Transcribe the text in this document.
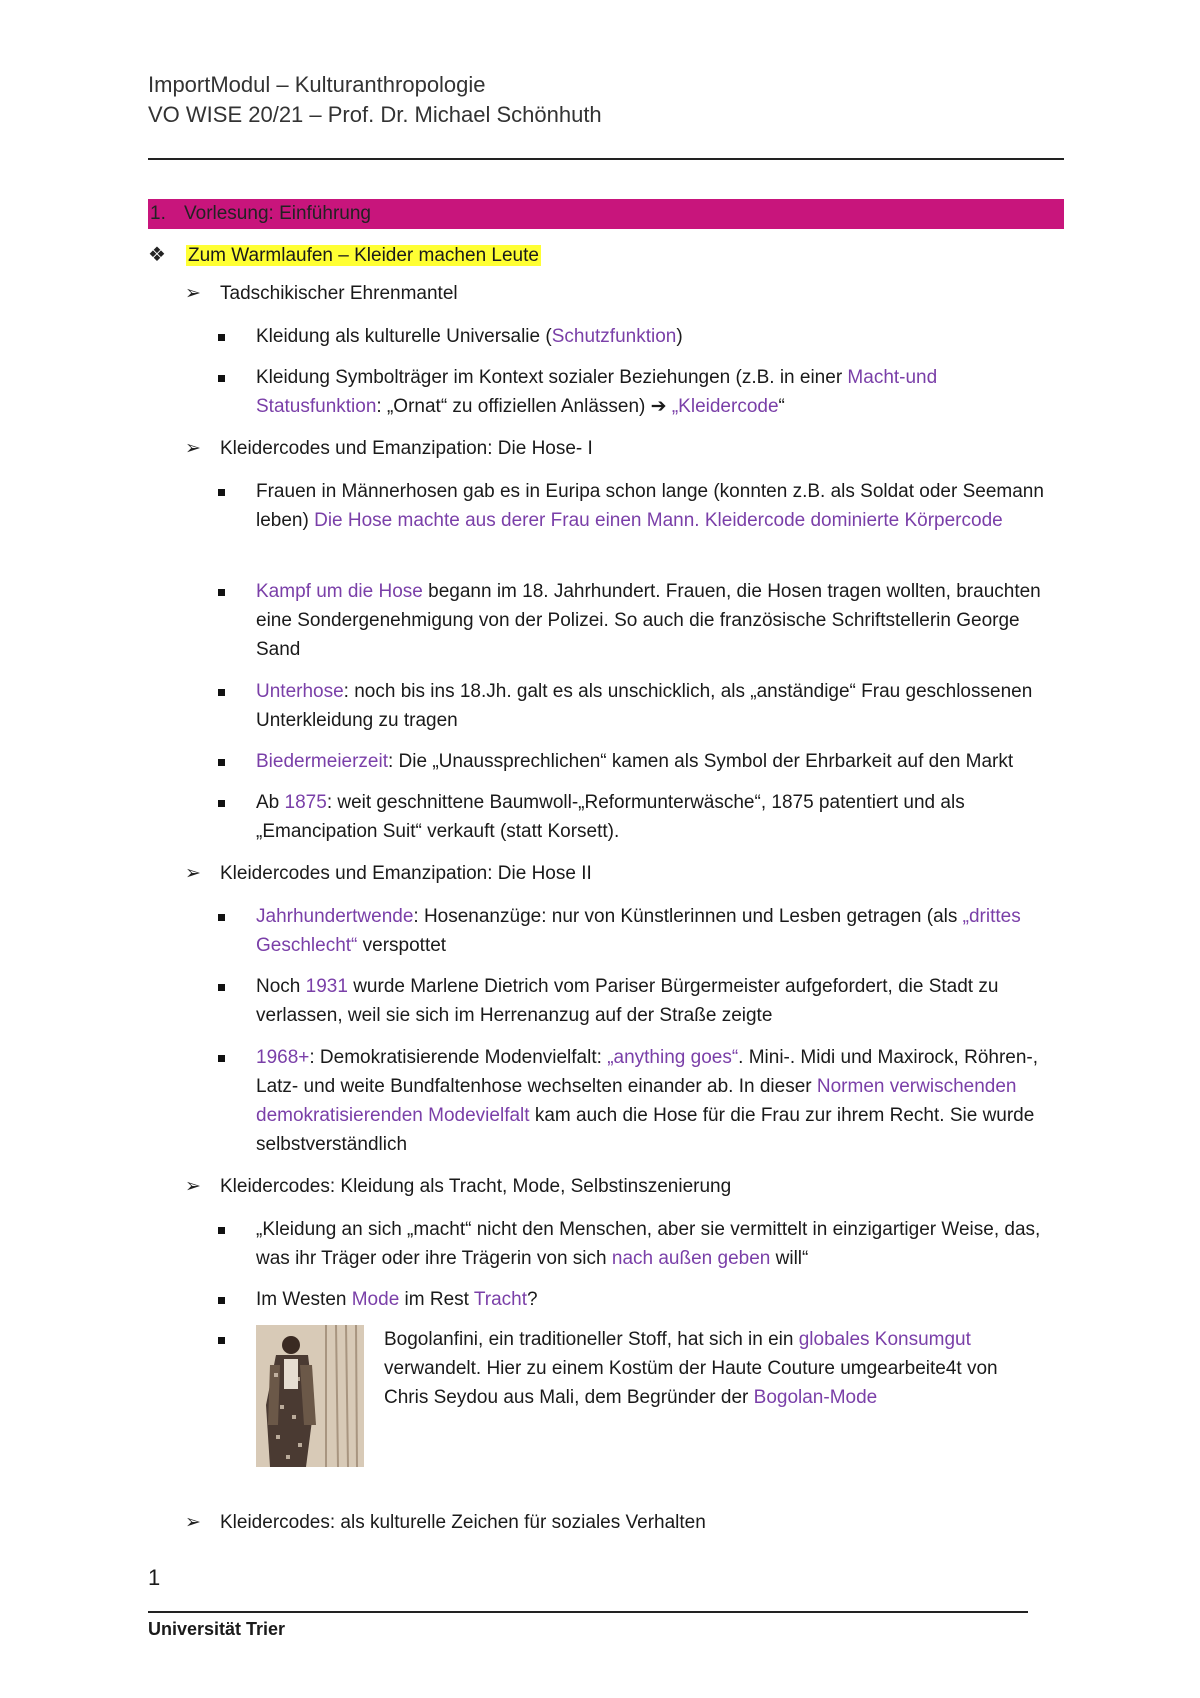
ImportModul – Kulturanthropologie
VO WISE 20/21 – Prof. Dr. Michael Schönhuth
1. Vorlesung: Einführung
❖ Zum Warmlaufen – Kleider machen Leute
➢ Tadschikischer Ehrenmantel
Kleidung als kulturelle Universalie (Schutzfunktion)
Kleidung Symbolträger im Kontext sozialer Beziehungen (z.B. in einer Macht-und Statusfunktion: „Ornat“ zu offiziellen Anlässen) ➔ „Kleidercode“
➢ Kleidercodes und Emanzipation: Die Hose- I
Frauen in Männerhosen gab es in Euripa schon lange (konnten z.B. als Soldat oder Seemann leben) Die Hose machte aus derer Frau einen Mann. Kleidercode dominierte Körpercode
Kampf um die Hose begann im 18. Jahrhundert. Frauen, die Hosen tragen wollten, brauchten eine Sondergenehmigung von der Polizei. So auch die französische Schriftstellerin George Sand
Unterhose: noch bis ins 18.Jh. galt es als unschicklich, als „anständige“ Frau geschlossenen Unterkleidung zu tragen
Biedermeierzeit: Die „Unaussprechlichen“ kamen als Symbol der Ehrbarkeit auf den Markt
Ab 1875: weit geschnittene Baumwoll-„Reformunterwäsche“, 1875 patentiert und als „Emancipation Suit“ verkauft (statt Korsett).
➢ Kleidercodes und Emanzipation: Die Hose II
Jahrhundertwende: Hosenanzüge: nur von Künstlerinnen und Lesben getragen (als „drittes Geschlecht“ verspottet
Noch 1931 wurde Marlene Dietrich vom Pariser Bürgermeister aufgefordert, die Stadt zu verlassen, weil sie sich im Herrenanzug auf der Straße zeigte
1968+: Demokratisierende Modenvielfalt: „anything goes“. Mini-. Midi und Maxirock, Röhren-, Latz- und weite Bundfaltenhose wechselten einander ab. In dieser Normen verwischenden demokratisierenden Modevielfalt kam auch die Hose für die Frau zur ihrem Recht. Sie wurde selbstverständlich
➢ Kleidercodes: Kleidung als Tracht, Mode, Selbstinszenierung
„Kleidung an sich „macht“ nicht den Menschen, aber sie vermittelt in einzigartiger Weise, das, was ihr Träger oder ihre Trägerin von sich nach außen geben will“
Im Westen Mode im Rest Tracht?
Bogolanfini, ein traditioneller Stoff, hat sich in ein globales Konsumgut verwandelt. Hier zu einem Kostüm der Haute Couture umgearbeite4t von Chris Seydou aus Mali, dem Begründer der Bogolan-Mode
➢ Kleidercodes: als kulturelle Zeichen für soziales Verhalten
1
Universität Trier
